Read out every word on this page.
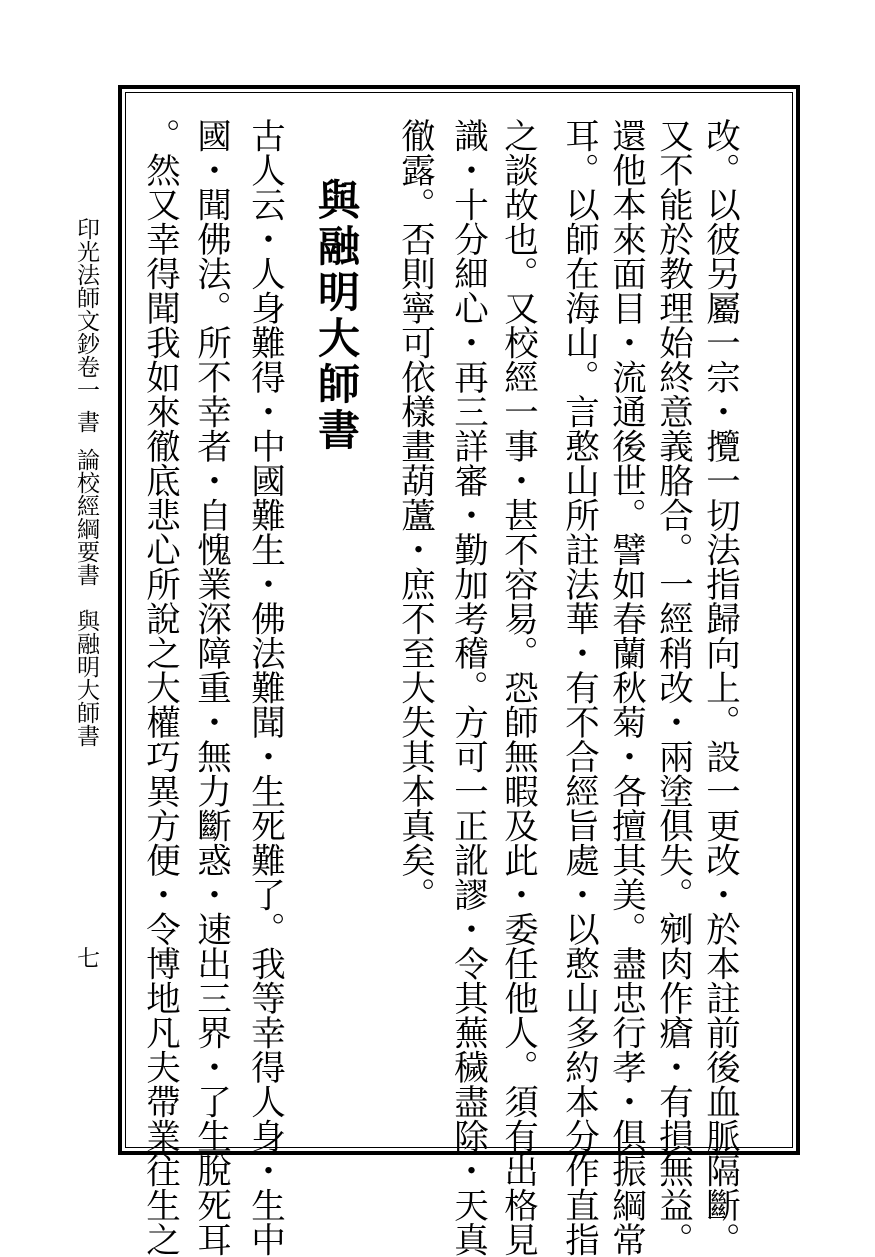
改。以彼另屬一宗・攬一切法指歸向上。設一更改・於本註前後血脈隔斷。
又不能於教理始終意義胳合。一經稍改・兩塗俱失。剜肉作瘡・有損無益。
還他本來面目・流通後世。譬如春蘭秋菊・各擅其美。盡忠行孝・俱振綱常
耳。以師在海山。言憨山所註法華・有不合經旨處・以憨山多約本分作直指
之談故也。又校經一事・甚不容易。恐師無暇及此・委任他人。須有出格見
識・十分細心・再三詳審・勤加考稽。方可一正訛謬・令其蕪穢盡除・天真
徹露。否則寧可依樣畫葫蘆・庶不至大失其本真矣。
與融明大師書
古人云・人身難得・中國難生・佛法難聞・生死難了。我等幸得人身・生中
國・聞佛法。所不幸者・自愧業深障重・無力斷惑・速出三界・了生脫死耳
。然又幸得聞我如來徹底悲心所說之大權巧異方便・令博地凡夫帶業往生之
印光法師文鈔卷一
書
論校經綱要書　與融明大師書
七
